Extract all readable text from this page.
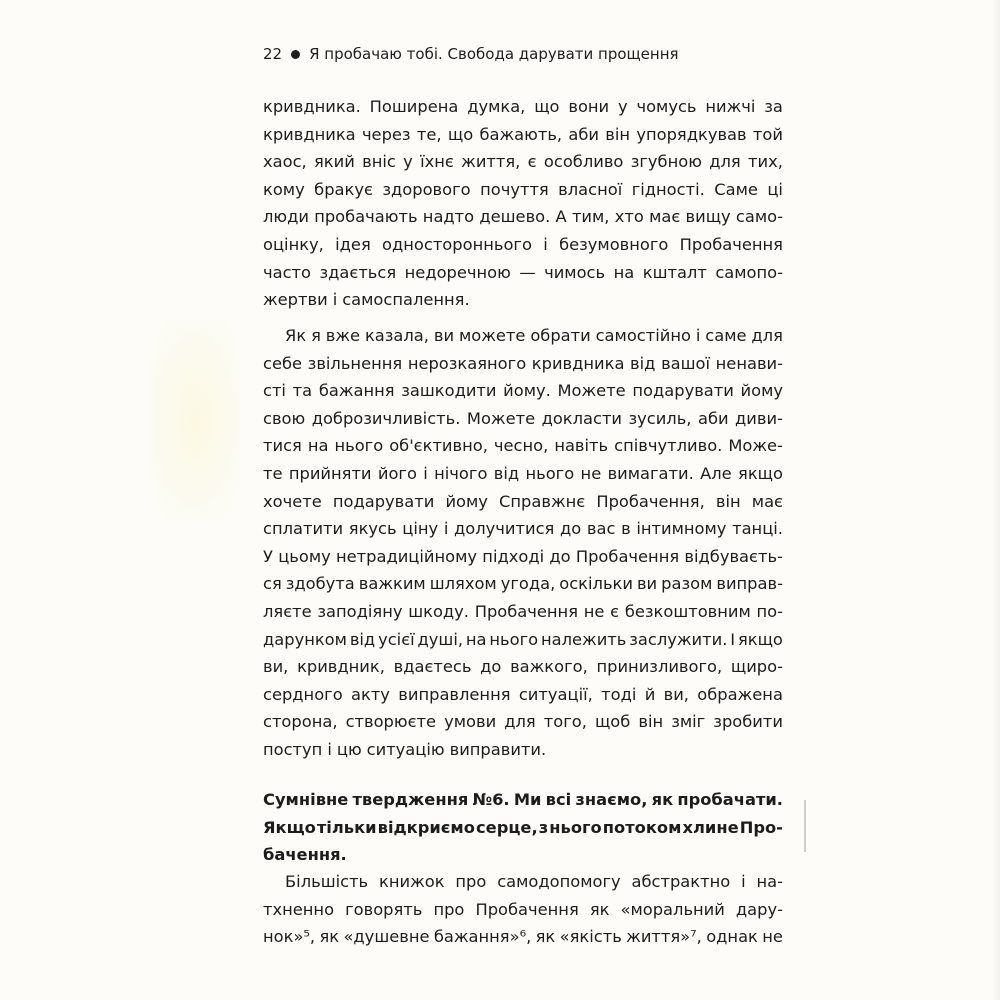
22 Я пробачаю тобі. Свобода дарувати прощення
кривдника. Поширена думка, що вони у чомусь нижчі за
кривдника через те, що бажають, аби він упорядкував той
хаос, який вніс у їхнє життя, є особливо згубною для тих,
кому бракує здорового почуття власної гідності. Саме ці
люди пробачають надто дешево. А тим, хто має вищу само-
оцінку, ідея одностороннього і безумовного Пробачення
часто здається недоречною — чимось на кшталт самопо-
жертви і самоспалення.
Як я вже казала, ви можете обрати самостійно і саме для
себе звільнення нерозкаяного кривдника від вашої ненави-
сті та бажання зашкодити йому. Можете подарувати йому
свою доброзичливість. Можете докласти зусиль, аби диви-
тися на нього об'єктивно, чесно, навіть співчутливо. Може-
те прийняти його і нічого від нього не вимагати. Але якщо
хочете подарувати йому Справжнє Пробачення, він має
сплатити якусь ціну і долучитися до вас в інтимному танці.
У цьому нетрадиційному підході до Пробачення відбуваєть-
ся здобута важким шляхом угода, оскільки ви разом виправ-
ляєте заподіяну шкоду. Пробачення не є безкоштовним по-
дарунком від усієї душі, на нього належить заслужити. І якщо
ви, кривдник, вдаєтесь до важкого, принизливого, щиро-
сердного акту виправлення ситуації, тоді й ви, ображена
сторона, створюєте умови для того, щоб він зміг зробити
поступ і цю ситуацію виправити.
Сумнівне твердження №6. Ми всі знаємо, як пробачати.
Якщо тільки відкриємо серце, з нього потоком хлине Про-
бачення.
Більшість книжок про самодопомогу абстрактно і на-
тхненно говорять про Пробачення як «моральний дару-
нок»⁵, як «душевне бажання»⁶, як «якість життя»⁷, однак не
